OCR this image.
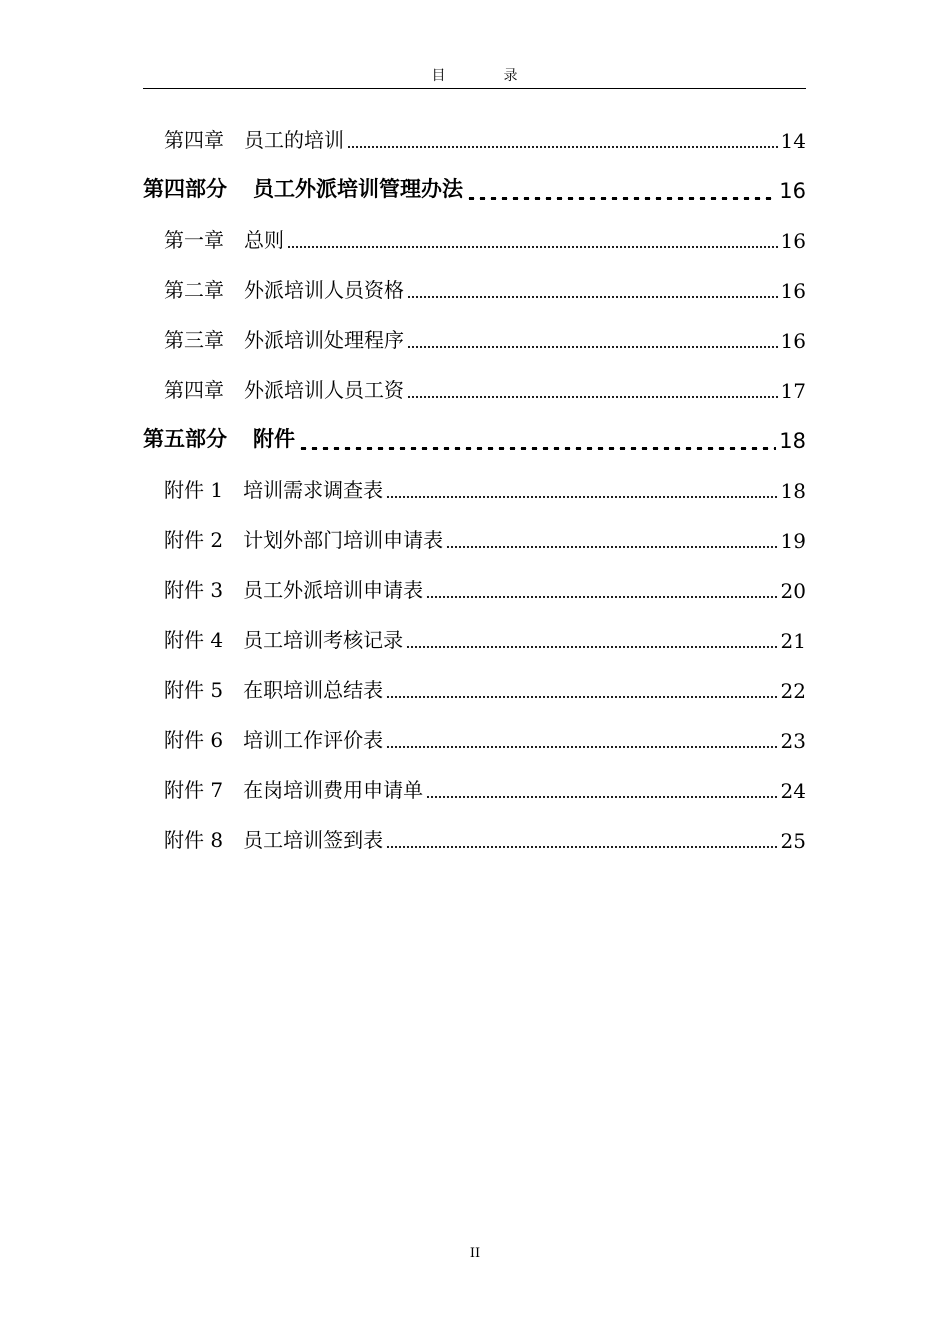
目录
第四章	员工的培训	14
第四部分	员工外派培训管理办法	16
第一章	总则	16
第二章	外派培训人员资格	16
第三章	外派培训处理程序	16
第四章	外派培训人员工资	17
第五部分	附件	18
附件 1	培训需求调查表	18
附件 2	计划外部门培训申请表	19
附件 3	员工外派培训申请表	20
附件 4	员工培训考核记录	21
附件 5	在职培训总结表	22
附件 6	培训工作评价表	23
附件 7	在岗培训费用申请单	24
附件 8	员工培训签到表	25
II
